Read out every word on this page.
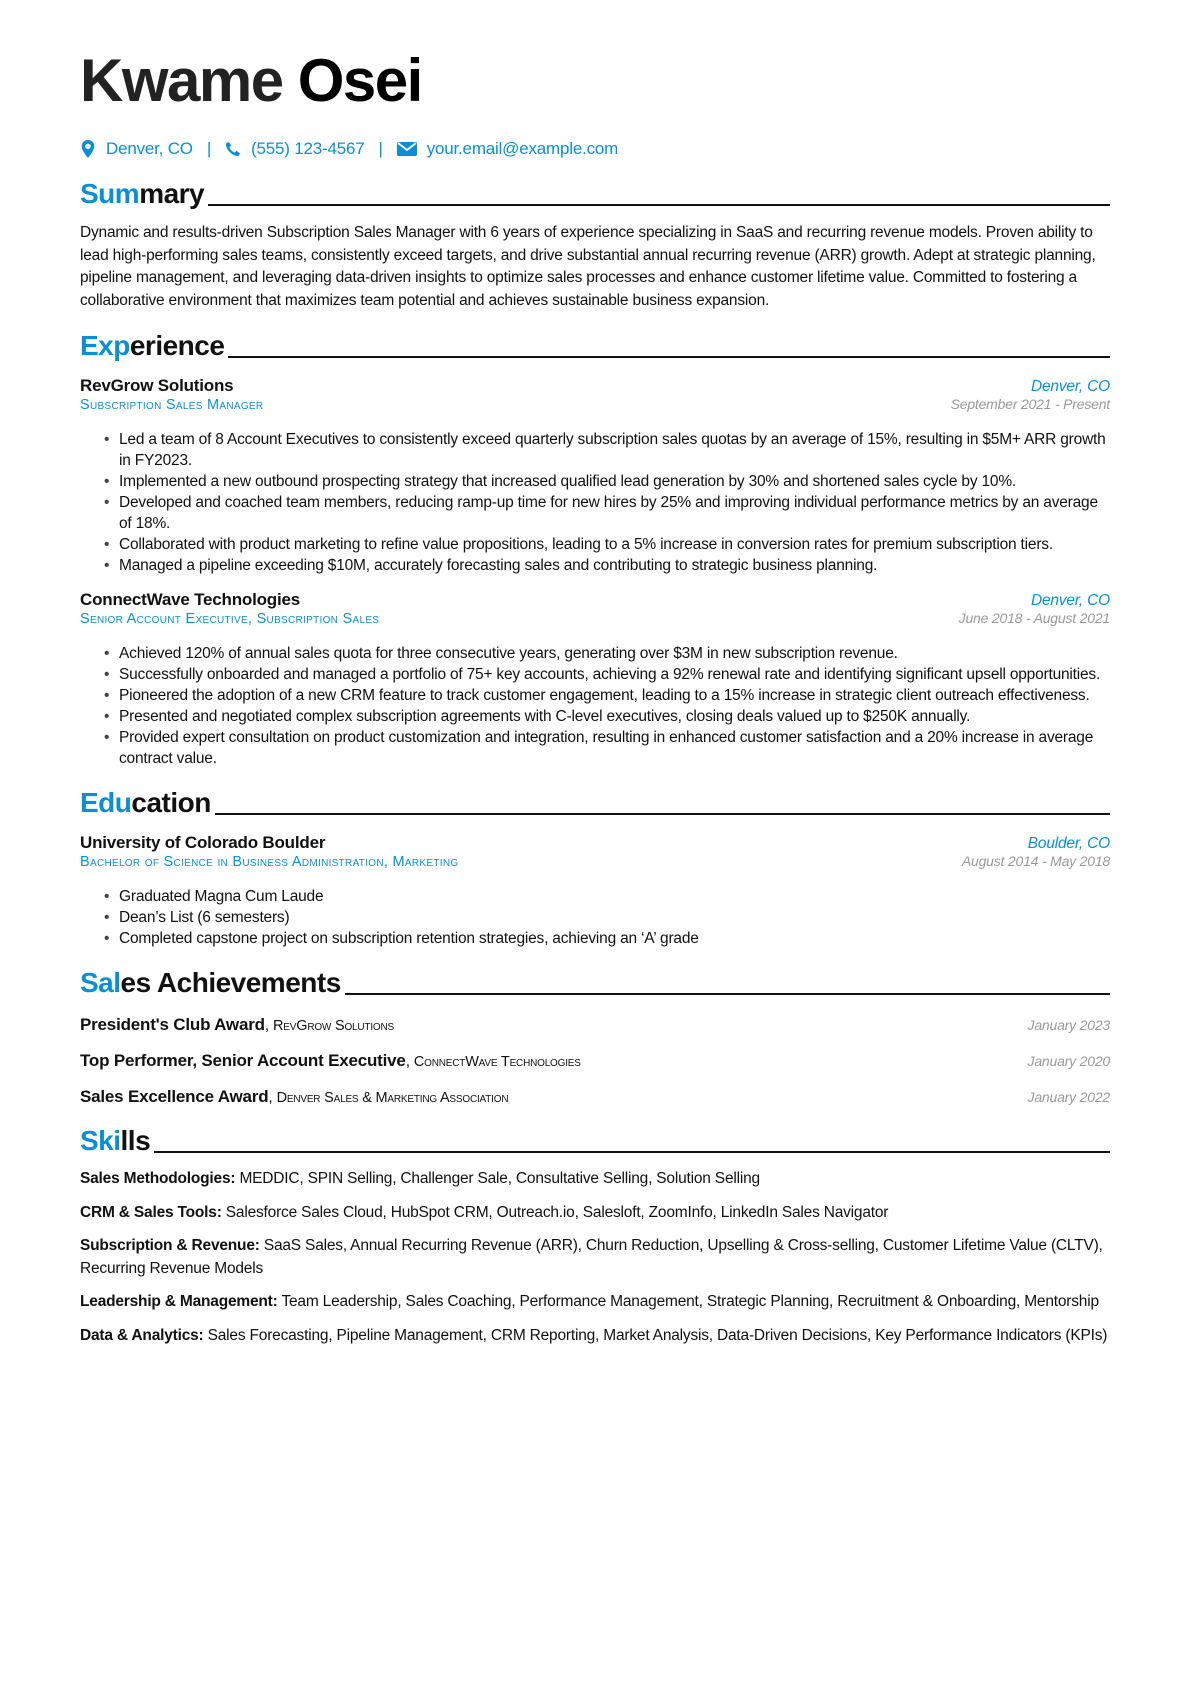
Kwame Osei
Denver, CO | (555) 123-4567 |	your.email@example.com
Summary

Dynamic and results-driven Subscription Sales Manager with 6 years of experience specializing in SaaS and recurring revenue models. Proven ability to lead high-performing sales teams, consistently exceed targets, and drive substantial annual recurring revenue (ARR) growth. Adept at strategic planning, pipeline management, and leveraging data-driven insights to optimize sales processes and enhance customer lifetime value. Committed to fostering a collaborative environment that maximizes team potential and achieves sustainable business expansion.

Experience
RevGrow Solutions	Denver, CO
Subscription Sales Manager	September 2021 - Present
• Led a team of 8 Account Executives to consistently exceed quarterly subscription sales quotas by an average of 15%, resulting in $5M+ ARR growth in FY2023.
• Implemented a new outbound prospecting strategy that increased qualified lead generation by 30% and shortened sales cycle by 10%.
• Developed and coached team members, reducing ramp-up time for new hires by 25% and improving individual performance metrics by an average of 18%.
• Collaborated with product marketing to refine value propositions, leading to a 5% increase in conversion rates for premium subscription tiers.
• Managed a pipeline exceeding $10M, accurately forecasting sales and contributing to strategic business planning.
ConnectWave Technologies	Denver, CO
Senior Account Executive, Subscription Sales	June 2018 - August 2021
• Achieved 120% of annual sales quota for three consecutive years, generating over $3M in new subscription revenue.
• Successfully onboarded and managed a portfolio of 75+ key accounts, achieving a 92% renewal rate and identifying significant upsell opportunities.
• Pioneered the adoption of a new CRM feature to track customer engagement, leading to a 15% increase in strategic client outreach effectiveness.
• Presented and negotiated complex subscription agreements with C-level executives, closing deals valued up to $250K annually.
• Provided expert consultation on product customization and integration, resulting in enhanced customer satisfaction and a 20% increase in average contract value.
Education
University of Colorado Boulder	Boulder, CO
Bachelor of Science in Business Administration, Marketing	August 2014 - May 2018
• Graduated Magna Cum Laude
• Dean’s List (6 semesters)
• Completed capstone project on subscription retention strategies, achieving an ‘A’ grade
Sales Achievements
President's Club Award, RevGrow Solutions	January 2023
Top Performer, Senior Account Executive, ConnectWave Technologies	January 2020
Sales Excellence Award, Denver Sales & Marketing Association	January 2022
Skills
Sales Methodologies: MEDDIC, SPIN Selling, Challenger Sale, Consultative Selling, Solution Selling
CRM & Sales Tools: Salesforce Sales Cloud, HubSpot CRM, Outreach.io, Salesloft, ZoomInfo, LinkedIn Sales Navigator
Subscription & Revenue: SaaS Sales, Annual Recurring Revenue (ARR), Churn Reduction, Upselling & Cross-selling, Customer Lifetime Value (CLTV), Recurring Revenue Models
Leadership & Management: Team Leadership, Sales Coaching, Performance Management, Strategic Planning, Recruitment & Onboarding, Mentorship
Data & Analytics: Sales Forecasting, Pipeline Management, CRM Reporting, Market Analysis, Data-Driven Decisions, Key Performance Indicators (KPIs)
